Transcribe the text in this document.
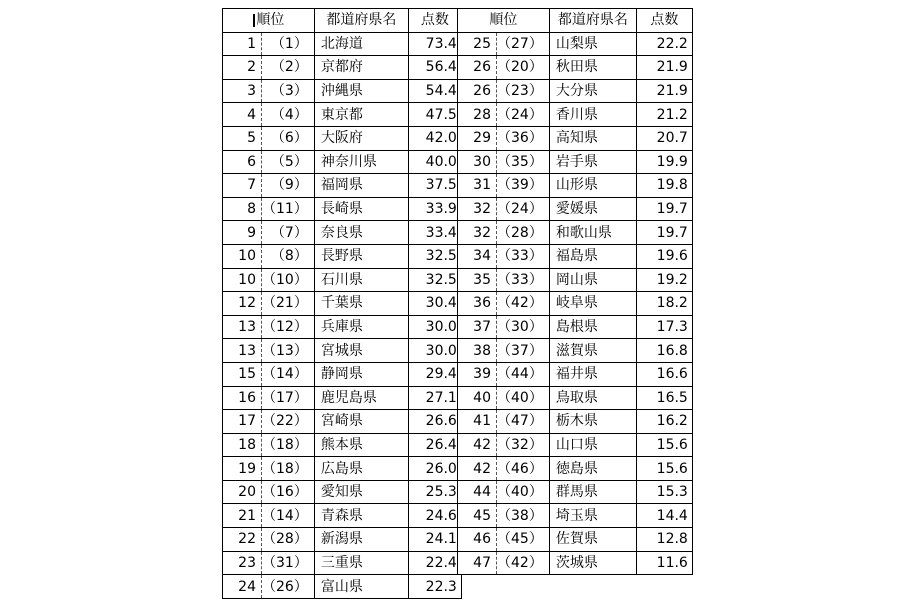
順位		都道府県名	点数
1	（1）	北海道	73.4
2	（2）	京都府	56.4
3	（3）	沖縄県	54.4
4	（4）	東京都	47.5
5	（6）	大阪府	42.0
6	（5）	神奈川県	40.0
7	（9）	福岡県	37.5
8	（11）	長崎県	33.9
9	（7）	奈良県	33.4
10	（8）	長野県	32.5
10	（10）	石川県	32.5
12	（21）	千葉県	30.4
13	（12）	兵庫県	30.0
13	（13）	宮城県	30.0
15	（14）	静岡県	29.4
16	（17）	鹿児島県	27.1
17	（22）	宮崎県	26.6
18	（18）	熊本県	26.4
19	（18）	広島県	26.0
20	（16）	愛知県	25.3
21	（14）	青森県	24.6
22	（28）	新潟県	24.1
23	（31）	三重県	22.4
24	（26）	富山県	22.3
順位		都道府県名	点数
25	（27）	山梨県	22.2
26	（20）	秋田県	21.9
26	（23）	大分県	21.9
28	（24）	香川県	21.2
29	（36）	高知県	20.7
30	（35）	岩手県	19.9
31	（39）	山形県	19.8
32	（24）	愛媛県	19.7
32	（28）	和歌山県	19.7
34	（33）	福島県	19.6
35	（33）	岡山県	19.2
36	（42）	岐阜県	18.2
37	（30）	島根県	17.3
38	（37）	滋賀県	16.8
39	（44）	福井県	16.6
40	（40）	鳥取県	16.5
41	（47）	栃木県	16.2
42	（32）	山口県	15.6
42	（46）	徳島県	15.6
44	（40）	群馬県	15.3
45	（38）	埼玉県	14.4
46	（45）	佐賀県	12.8
47	（42）	茨城県	11.6
